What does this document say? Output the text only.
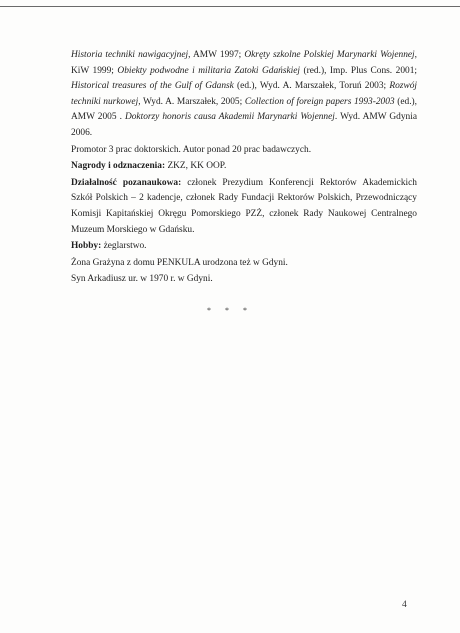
Historia techniki nawigacyjnej, AMW 1997; Okręty szkolne Polskiej Marynarki Wojennej, KiW 1999; Obiekty podwodne i militaria Zatoki Gdańskiej (red.), Imp. Plus Cons. 2001; Historical treasures of the Gulf of Gdansk (ed.), Wyd. A. Marszałek, Toruń 2003; Rozwój techniki nurkowej, Wyd. A. Marszałek, 2005; Collection of foreign papers 1993-2003 (ed.), AMW 2005 . Doktorzy honoris causa Akademii Marynarki Wojennej. Wyd. AMW Gdynia 2006.

Promotor 3 prac doktorskich. Autor ponad 20 prac badawczych.

Nagrody i odznaczenia: ZKZ, KK OOP.

Działalność pozanaukowa: członek Prezydium Konferencji Rektorów Akademickich Szkół Polskich – 2 kadencje, członek Rady Fundacji Rektorów Polskich, Przewodniczący Komisji Kapitańskiej Okręgu Pomorskiego PZŻ, członek Rady Naukowej Centralnego Muzeum Morskiego w Gdańsku.

Hobby: żeglarstwo.

Żona Grażyna z domu PENKULA urodzona też w Gdyni.

Syn Arkadiusz ur. w 1970 r. w Gdyni.

* * *
4
